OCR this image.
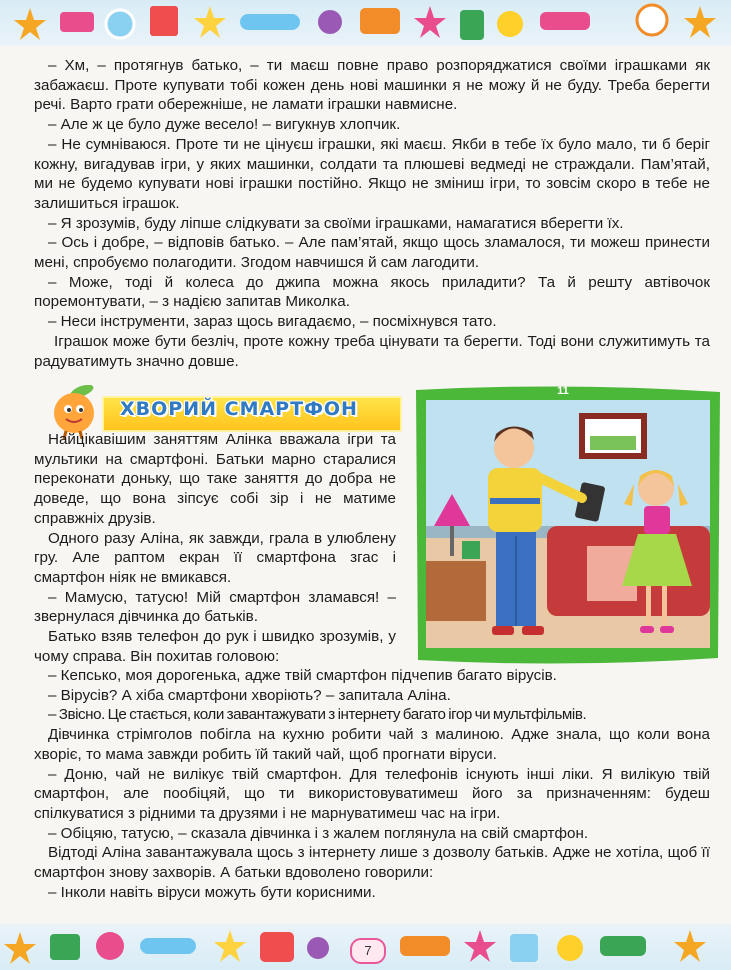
– Хм, – протягнув батько, – ти маєш повне право розпоряджатися своїми іграшками як забажаєш. Проте купувати тобі кожен день нові машинки я не можу й не буду. Треба берегти речі. Варто грати обережніше, не ламати іграшки навмисне.

– Але ж це було дуже весело! – вигукнув хлопчик.

– Не сумніваюся. Проте ти не цінуєш іграшки, які маєш. Якби в тебе їх було мало, ти б беріг кожну, вигадував ігри, у яких машинки, солдати та плюшеві ведмеді не страждали. Пам’ятай, ми не будемо купувати нові іграшки постійно. Якщо не зміниш ігри, то зовсім скоро в тебе не залишиться іграшок.

– Я зрозумів, буду ліпше слідкувати за своїми іграшками, намагатися вберегти їх.

– Ось і добре, – відповів батько. – Але пам’ятай, якщо щось зламалося, ти можеш принести мені, спробуємо полагодити. Згодом навчишся й сам лагодити.

– Може, тоді й колеса до джипа можна якось приладити? Та й решту автівочок поремонтувати, – з надією запитав Миколка.

– Неси інструменти, зараз щось вигадаємо, – посміхнувся тато.

Іграшок може бути безліч, проте кожну треба цінувати та берегти. Тоді вони служитимуть та радуватимуть значно довше.

ХВОРИЙ СМАРТФОН

Найцікавішим заняттям Алінка вважала ігри та мультики на смартфоні. Батьки марно старалися переконати доньку, що таке заняття до добра не доведе, що вона зіпсує собі зір і не матиме справжніх друзів.

Одного разу Аліна, як завжди, грала в улюблену гру. Але раптом екран її смартфона згас і смартфон ніяк не вмикався.

– Мамусю, татусю! Мій смартфон зламався! – звернулася дівчинка до батьків.

Батько взяв телефон до рук і швидко зрозумів, у чому справа. Він похитав головою:

11

– Кепсько, моя дорогенька, адже твій смартфон підчепив багато вірусів.

– Вірусів? А хіба смартфони хворіють? – запитала Аліна.

– Звісно. Це стається, коли завантажувати з інтернету багато ігор чи мультфільмів.

Дівчинка стрімголов побігла на кухню робити чай з малиною. Адже знала, що коли вона хворіє, то мама завжди робить їй такий чай, щоб прогнати віруси.

– Доню, чай не вилікує твій смартфон. Для телефонів існують інші ліки. Я вилікую твій смартфон, але пообіцяй, що ти використовуватимеш його за призначенням: будеш спілкуватися з рідними та друзями і не марнуватимеш час на ігри.

– Обіцяю, татусю, – сказала дівчинка і з жалем поглянула на свій смартфон.

Відтоді Аліна завантажувала щось з інтернету лише з дозволу батьків. Адже не хотіла, щоб її смартфон знову захворів. А батьки вдоволено говорили:

– Інколи навіть віруси можуть бути корисними.

7
